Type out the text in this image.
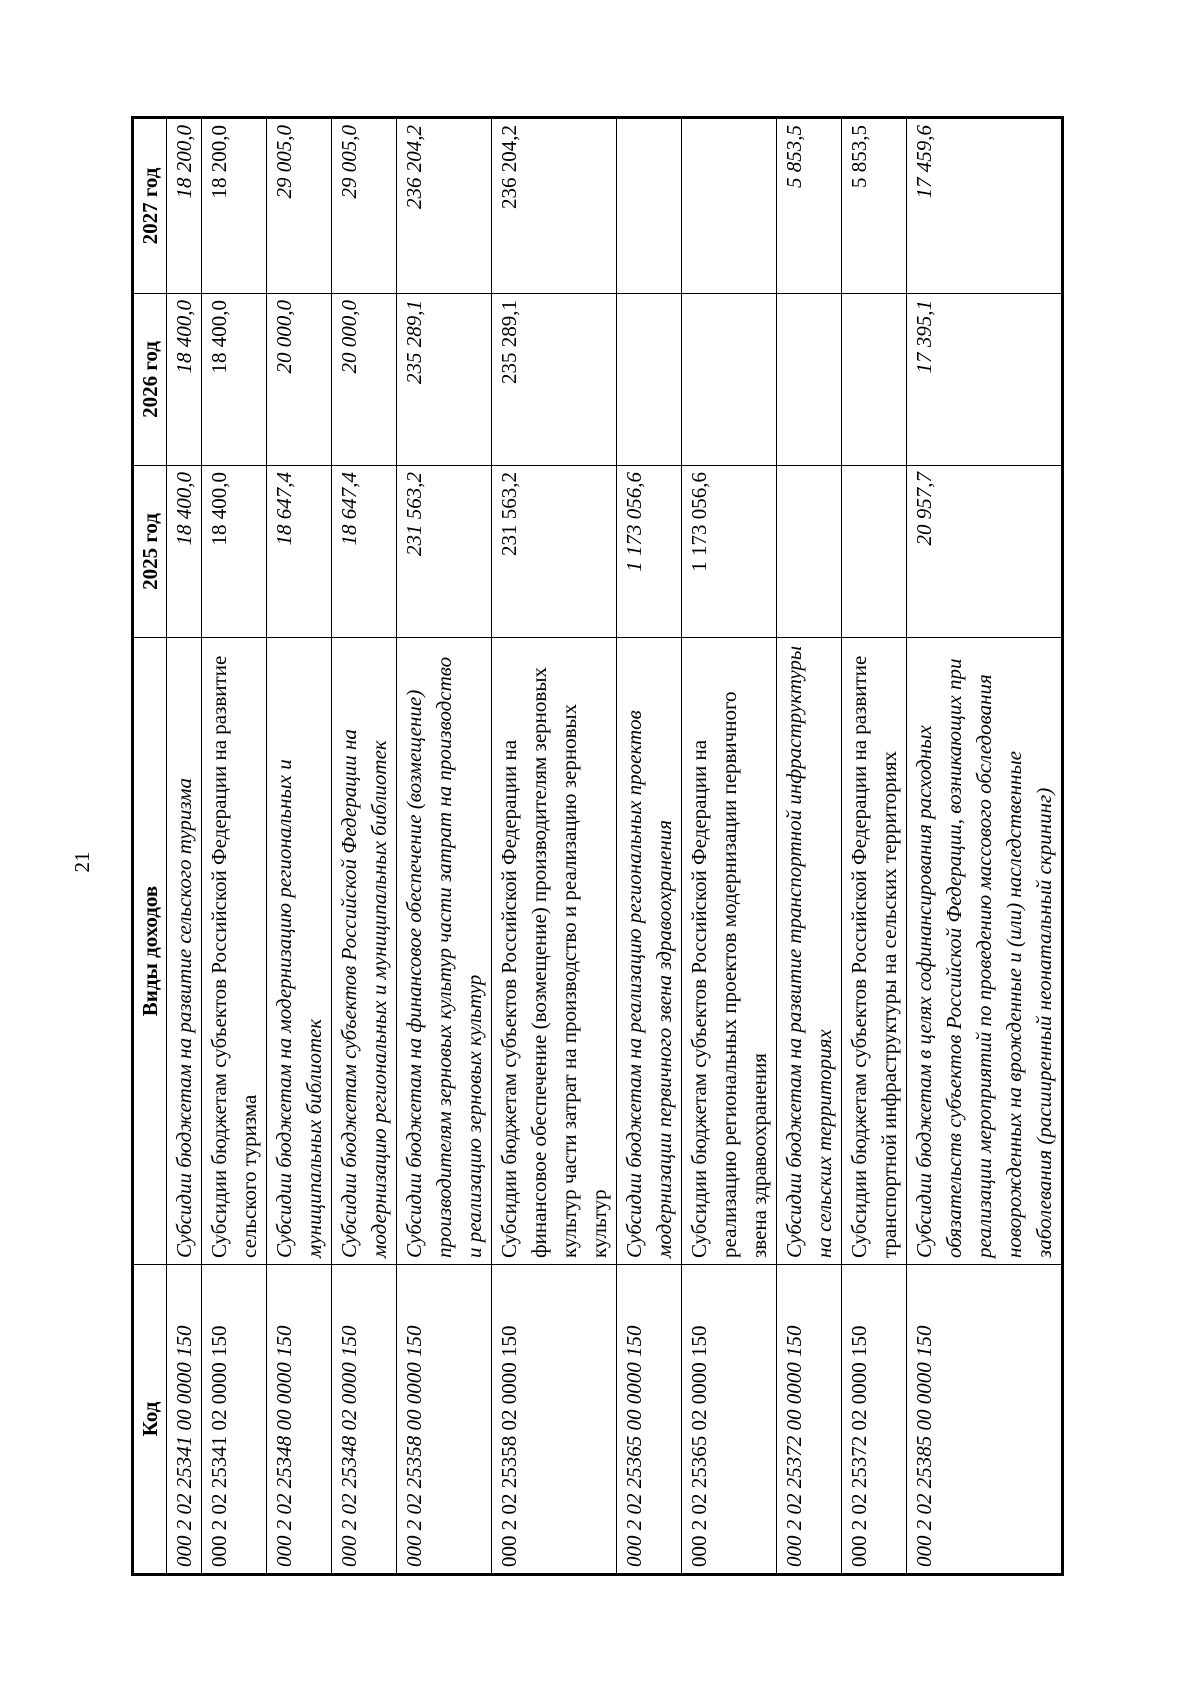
21
Код	Виды доходов	2025 год	2026 год	2027 год
000 2 02 25341 00 0000 150	Субсидии бюджетам на развитие сельского туризма	18 400,0	18 400,0	18 200,0
000 2 02 25341 02 0000 150	Субсидии бюджетам субъектов Российской Федерации на развитие сельского туризма	18 400,0	18 400,0	18 200,0
000 2 02 25348 00 0000 150	Субсидии бюджетам на модернизацию региональных и муниципальных библиотек	18 647,4	20 000,0	29 005,0
000 2 02 25348 02 0000 150	Субсидии бюджетам субъектов Российской Федерации на модернизацию региональных и муниципальных библиотек	18 647,4	20 000,0	29 005,0
000 2 02 25358 00 0000 150	Субсидии бюджетам на финансовое обеспечение (возмещение) производителям зерновых культур части затрат на производство и реализацию зерновых культур	231 563,2	235 289,1	236 204,2
000 2 02 25358 02 0000 150	Субсидии бюджетам субъектов Российской Федерации на финансовое обеспечение (возмещение) производителям зерновых культур части затрат на производство и реализацию зерновых культур	231 563,2	235 289,1	236 204,2
000 2 02 25365 00 0000 150	Субсидии бюджетам на реализацию региональных проектов модернизации первичного звена здравоохранения	1 173 056,6		
000 2 02 25365 02 0000 150	Субсидии бюджетам субъектов Российской Федерации на реализацию региональных проектов модернизации первичного звена здравоохранения	1 173 056,6		
000 2 02 25372 00 0000 150	Субсидии бюджетам на развитие транспортной инфраструктуры на сельских территориях			5 853,5
000 2 02 25372 02 0000 150	Субсидии бюджетам субъектов Российской Федерации на развитие транспортной инфраструктуры на сельских территориях			5 853,5
000 2 02 25385 00 0000 150	Субсидии бюджетам в целях софинансирования расходных обязательств субъектов Российской Федерации, возникающих при реализации мероприятий по проведению массового обследования новорожденных на врожденные и (или) наследственные заболевания (расширенный неонатальный скрининг)	20 957,7	17 395,1	17 459,6
